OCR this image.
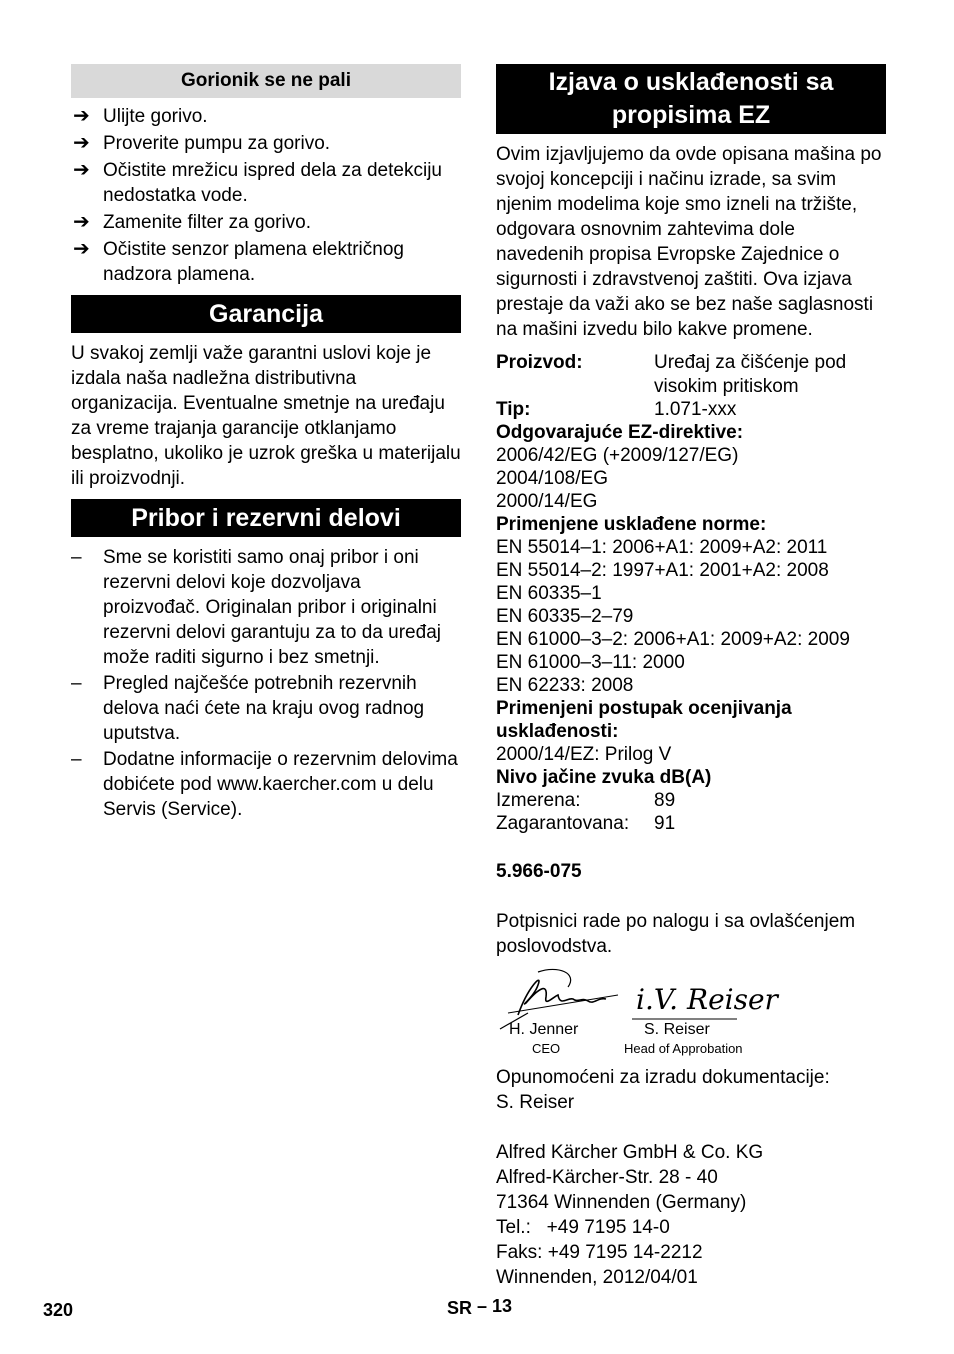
Gorionik se ne pali
➔ Ulijte gorivo.
➔ Proverite pumpu za gorivo.
➔ Očistite mrežicu ispred dela za detekciju nedostatka vode.
➔ Zamenite filter za gorivo.
➔ Očistite senzor plamena električnog nadzora plamena.
Garancija

U svakoj zemlji važe garantni uslovi koje je izdala naša nadležna distributivna organizacija. Eventualne smetnje na uređaju za vreme trajanja garancije otklanjamo besplatno, ukoliko je uzrok greška u materijalu ili proizvodnji.

Pribor i rezervni delovi
– Sme se koristiti samo onaj pribor i oni rezervni delovi koje dozvoljava proizvođač. Originalan pribor i originalni rezervni delovi garantuju za to da uređaj može raditi sigurno i bez smetnji.
– Pregled najčešće potrebnih rezervnih delova naći ćete na kraju ovog radnog uputstva.
– Dodatne informacije o rezervnim delovima dobićete pod www.kaercher.com u delu Servis (Service).
Izjava o usklađenosti sa
propisima EZ

Ovim izjavljujemo da ovde opisana mašina po svojoj koncepciji i načinu izrade, sa svim njenim modelima koje smo izneli na tržište, odgovara osnovnim zahtevima dole navedenih propisa Evropske Zajednice o sigurnosti i zdravstvenoj zaštiti. Ova izjava prestaje da važi ako se bez naše saglasnosti na mašini izvedu bilo kakve promene.

Proizvod:	Uređaj za čišćenje pod visokim pritiskom
Tip:	1.071-xxx
Odgovarajuće EZ-direktive:
2006/42/EG (+2009/127/EG)
2004/108/EG
2000/14/EG
Primenjene usklađene norme:
EN 55014–1: 2006+A1: 2009+A2: 2011
EN 55014–2: 1997+A1: 2001+A2: 2008
EN 60335–1
EN 60335–2–79
EN 61000–3–2: 2006+A1: 2009+A2: 2009
EN 61000–3–11: 2000
EN 62233: 2008
Primenjeni postupak ocenjivanja
usklađenosti:
2000/14/EZ: Prilog V
Nivo jačine zvuka dB(A)
Izmerena:	89
Zagarantovana: 91
5.966-075

Potpisnici rade po nalogu i sa ovlašćenjem poslovodstva.

i.V. Reiser
H. Jenner
CEO
S. Reiser
Head of Approbation
Opunomoćeni za izradu dokumentacije:
S. Reiser
Alfred Kärcher GmbH & Co. KG
Alfred-Kärcher-Str. 28 - 40
71364 Winnenden (Germany)
Tel.:   +49 7195 14-0
Faks: +49 7195 14-2212
Winnenden, 2012/04/01
320	SR – 13
